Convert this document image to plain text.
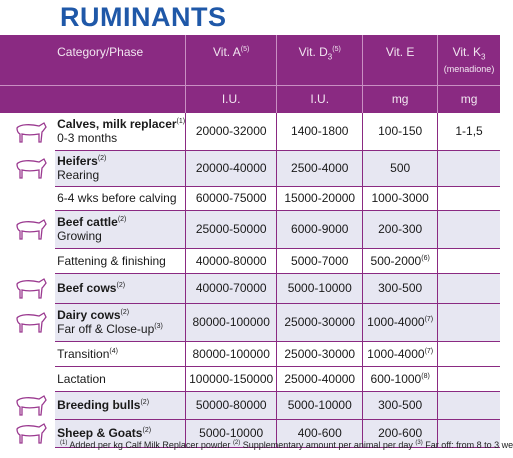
RUMINANTS
	Category/Phase	Vit. $A^{(5)}$	Vit. $D_3^{(5)}$	Vit. E	Vit. $K_3$
(menadione)

		I.U.	I.U.	mg	mg

	Calves, milk replacer$^{(1)}$
0-3 months	20000-32000	1400-1800	100-150	1-1,5

	Heifers$^{(2)}$
Rearing	20000-40000	2500-4000	500	

	6-4 wks before calving	60000-75000	15000-20000	1000-3000	

	Beef cattle$^{(2)}$
Growing	25000-50000	6000-9000	200-300	

	Fattening & finishing	40000-80000	5000-7000	500-2000$^{(6)}$	

	Beef cows$^{(2)}$	40000-70000	5000-10000	300-500	

	Dairy cows$^{(2)}$
Far off & Close-$up^{(3)}$	80000-100000	25000-30000	1000-4000$^{(7)}$	

	Transition$^{(4)}$	80000-100000	25000-30000	1000-4000$^{(7)}$	

	Lactation	100000-150000	25000-40000	600-1000$^{(8)}$	

	Breeding bulls$^{(2)}$	50000-80000	5000-10000	300-500	

	Sheep & Goats$^{(2)}$	5000-10000	400-600	200-600	
$^{(1)}$ Added per kg Calf Milk Replacer powder $^{(2)}$ Supplementary amount per animal per day $^{(3)}$ Far off: from 8 to 3 we
